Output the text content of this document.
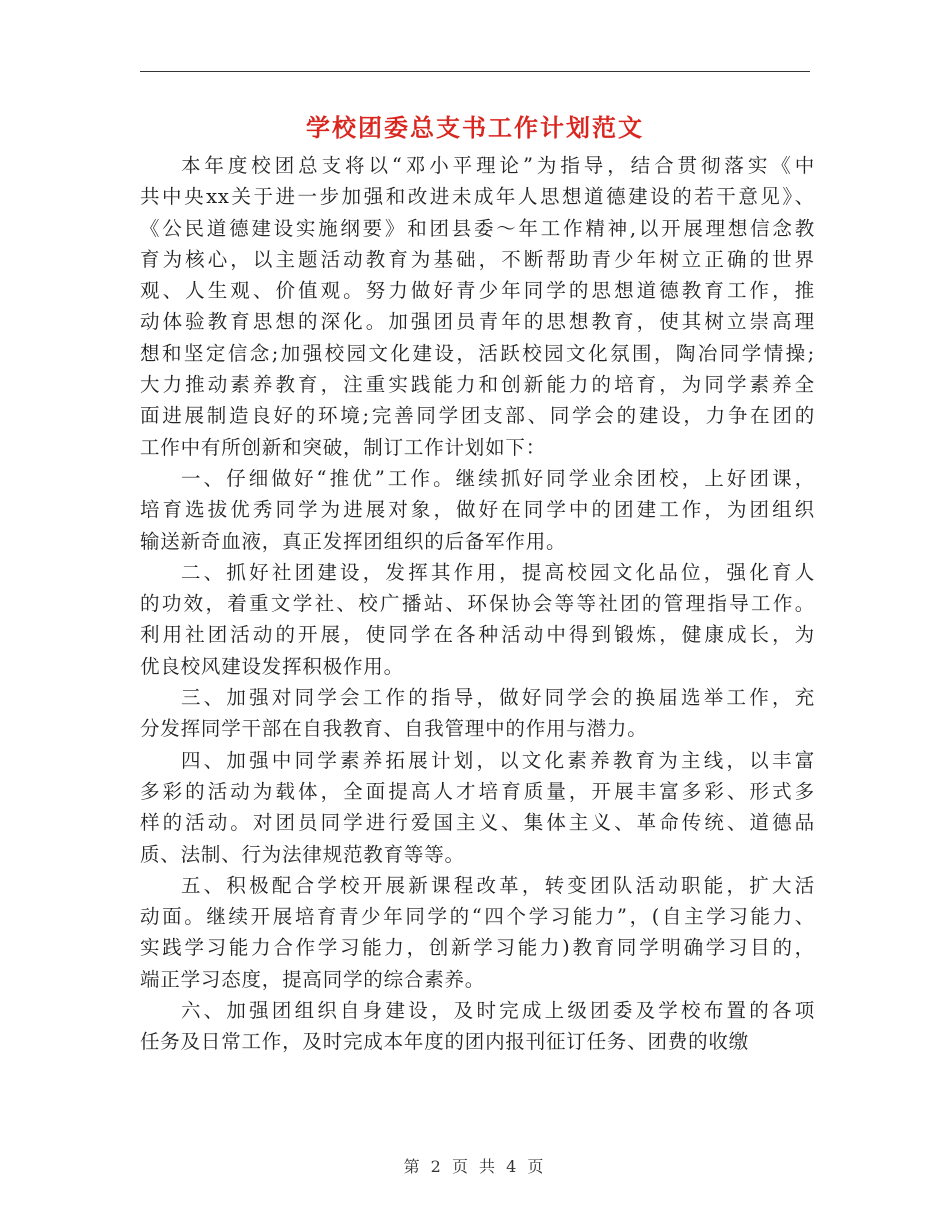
学校团委总支书工作计划范文

本年度校团总支将以“邓小平理论”为指导，结合贯彻落实《中
共中央xx关于进一步加强和改进未成年人思想道德建设的若干意见》、
《公民道德建设实施纲要》和团县委～年工作精神,以开展理想信念教
育为核心，以主题活动教育为基础，不断帮助青少年树立正确的世界
观、人生观、价值观。努力做好青少年同学的思想道德教育工作，推
动体验教育思想的深化。加强团员青年的思想教育，使其树立崇高理
想和坚定信念;加强校园文化建设，活跃校园文化氛围，陶冶同学情操;
大力推动素养教育，注重实践能力和创新能力的培育，为同学素养全
面进展制造良好的环境;完善同学团支部、同学会的建设，力争在团的
工作中有所创新和突破，制订工作计划如下：

一、仔细做好“推优”工作。继续抓好同学业余团校，上好团课，
培育选拔优秀同学为进展对象，做好在同学中的团建工作，为团组织
输送新奇血液，真正发挥团组织的后备军作用。

二、抓好社团建设，发挥其作用，提高校园文化品位，强化育人
的功效，着重文学社、校广播站、环保协会等等社团的管理指导工作。
利用社团活动的开展，使同学在各种活动中得到锻炼，健康成长，为
优良校风建设发挥积极作用。

三、加强对同学会工作的指导，做好同学会的换届选举工作，充
分发挥同学干部在自我教育、自我管理中的作用与潜力。

四、加强中同学素养拓展计划，以文化素养教育为主线，以丰富
多彩的活动为载体，全面提高人才培育质量，开展丰富多彩、形式多
样的活动。对团员同学进行爱国主义、集体主义、革命传统、道德品
质、法制、行为法律规范教育等等。

五、积极配合学校开展新课程改革，转变团队活动职能，扩大活
动面。继续开展培育青少年同学的“四个学习能力”，(自主学习能力、
实践学习能力合作学习能力，创新学习能力)教育同学明确学习目的，
端正学习态度，提高同学的综合素养。

六、加强团组织自身建设，及时完成上级团委及学校布置的各项
任务及日常工作，及时完成本年度的团内报刊征订任务、团费的收缴

第 2 页 共 4 页
